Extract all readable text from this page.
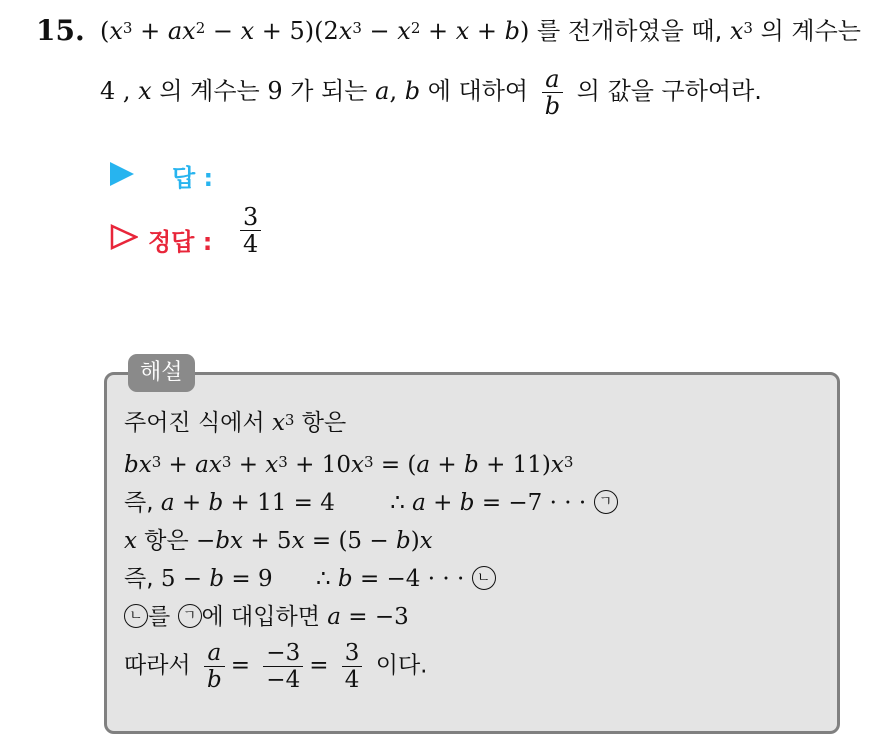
15. $(x^3 + ax^2 - x + 5)(2x^3 - x^2 + x + b)$ 를 전개하였을 때, $x^3$ 의 계수는
4 , x 의 계수는 9 가 되는 a, b 에 대하여 $\frac{a}{b}$ 의 값을 구하여라.
답 :
정답 : $\frac{3}{4}$
해설
주어진 식에서 $x^3$ 항은
$bx^3 + ax^3 + x^3 + 10x^3 = (a + b + 11)x^3$
즉, a + b + 11 = 4 ∴ a + b = −7 · · · ㄱ
x 항은 −bx + 5x = (5 − b)x
즉, 5 − b = 9 ∴ b = −4 · · · ㄴ
ㄴ 를 ㄱ 에 대입하면 a = −3
따라서 $\frac{a}{b} = \frac{-3}{-4} = \frac{3}{4}$ 이다.
